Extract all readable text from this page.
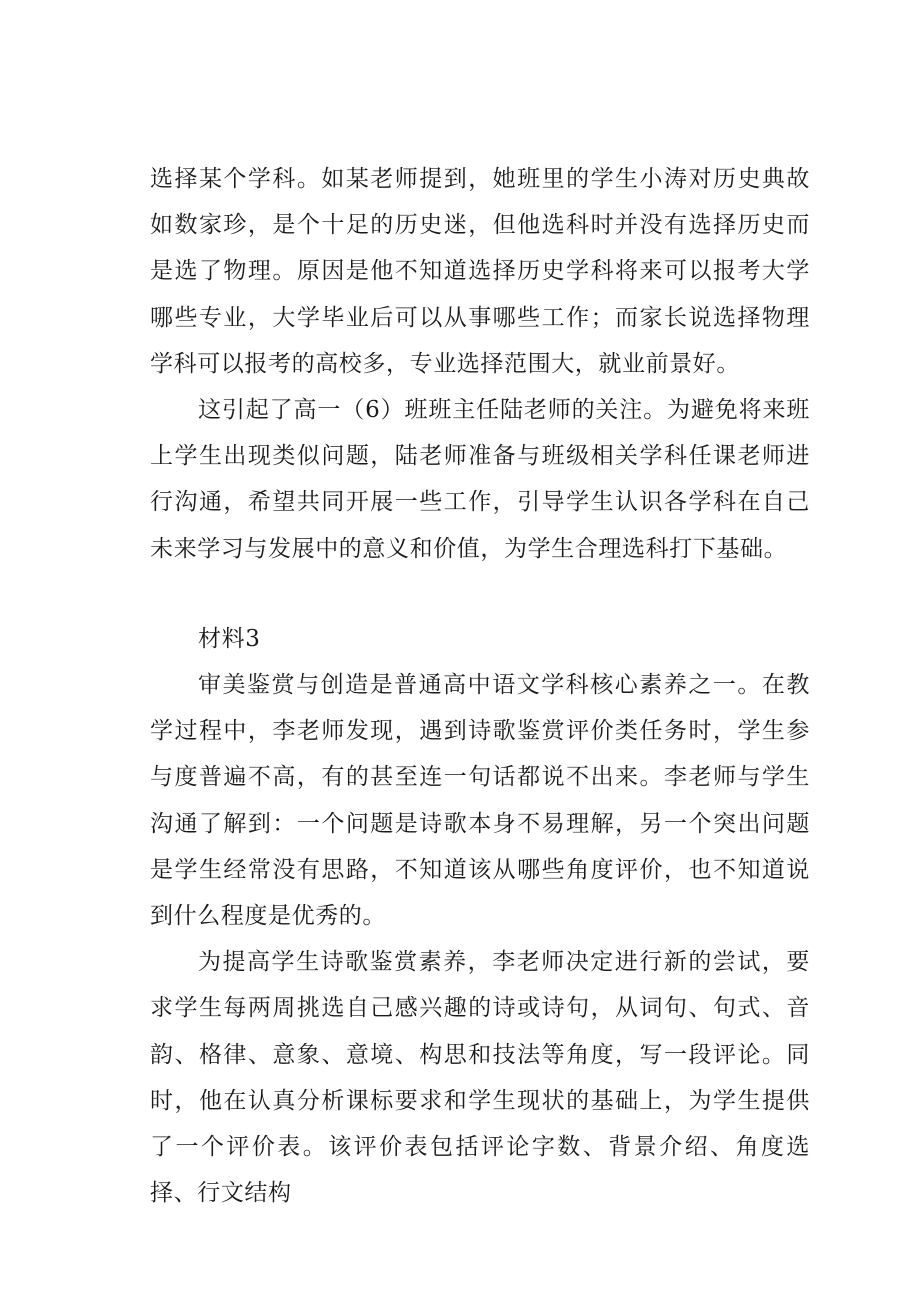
选择某个学科。如某老师提到，她班里的学生小涛对历史典故如数家珍，是个十足的历史迷，但他选科时并没有选择历史而是选了物理。原因是他不知道选择历史学科将来可以报考大学哪些专业，大学毕业后可以从事哪些工作；而家长说选择物理学科可以报考的高校多，专业选择范围大，就业前景好。

这引起了高一（6）班班主任陆老师的关注。为避免将来班上学生出现类似问题，陆老师准备与班级相关学科任课老师进行沟通，希望共同开展一些工作，引导学生认识各学科在自己未来学习与发展中的意义和价值，为学生合理选科打下基础。

材料3

审美鉴赏与创造是普通高中语文学科核心素养之一。在教学过程中，李老师发现，遇到诗歌鉴赏评价类任务时，学生参与度普遍不高，有的甚至连一句话都说不出来。李老师与学生沟通了解到：一个问题是诗歌本身不易理解，另一个突出问题是学生经常没有思路，不知道该从哪些角度评价，也不知道说到什么程度是优秀的。

为提高学生诗歌鉴赏素养，李老师决定进行新的尝试，要求学生每两周挑选自己感兴趣的诗或诗句，从词句、句式、音韵、格律、意象、意境、构思和技法等角度，写一段评论。同时，他在认真分析课标要求和学生现状的基础上，为学生提供了一个评价表。该评价表包括评论字数、背景介绍、角度选择、行文结构
